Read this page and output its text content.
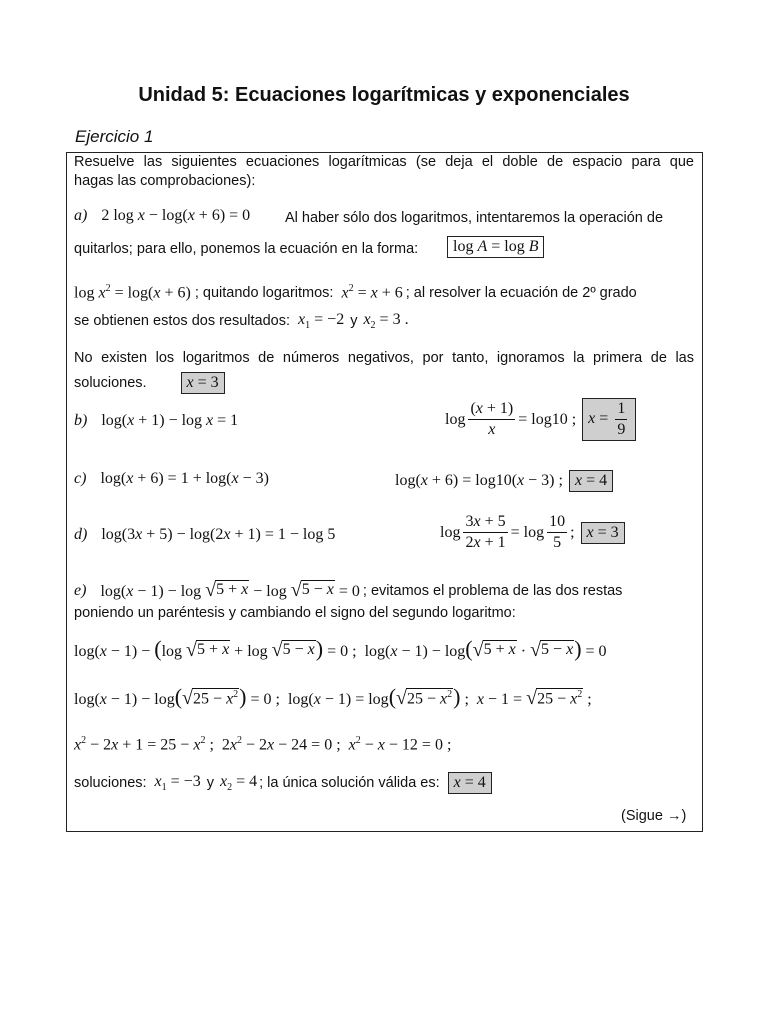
Unidad 5: Ecuaciones logarítmicas y exponenciales
Ejercicio 1
Resuelve las siguientes ecuaciones logarítmicas (se deja el doble de espacio para que
hagas las comprobaciones):
a) 2 log x − log(x + 6) = 0 Al haber sólo dos logaritmos, intentaremos la operación de
quitarlos; para ello, ponemos la ecuación en la forma:	log A = log B
$\log x^2 = \log(x + 6)$ ; quitando logaritmos: $x^2 = x + 6$ ; al resolver la ecuación de 2º grado
se obtienen estos dos resultados: $x_1 = -2$ y $x_2 = 3$ .
No existen los logaritmos de números negativos, por tanto, ignoramos la primera de las
soluciones.	x = 3
b) log(x + 1) − log x = 1	$\log \frac{(x + 1)}{x} = \log 10$ ; $x = \frac{1}{9}$
c) log(x + 6) = 1 + log(x − 3)	log(x + 6) = log10(x − 3) ; x = 4
d) log(3x + 5) − log(2x + 1) = 1 − log 5	$\log \frac{3x + 5}{2x + 1} = \log \frac{10}{5}$ ; x = 3
e) log(x − 1) − log √ 5 + x − log √ 5 − x = 0 ; evitamos el problema de las dos restas
poniendo un paréntesis y cambiando el signo del segundo logaritmo:
log(x − 1) − (log √ 5 + x + log √ 5 − x ) = 0 ;  log(x − 1) − log( √ 5 + x · √ 5 − x ) = 0
log(x − 1) − log( √ $25 - x^2$ ) = 0 ;  log(x − 1) = log( √ $25 - x^2$ ) ;  x − 1 = √ $25 - x^2$ ;
$x^2 - 2x + 1 = 25 - x^2$ ;  $2x^2 - 2x - 24 = 0$ ;  $x^2 - x - 12 = 0$ ;
soluciones: $x_1 = -3$ y $x_2 = 4$ ; la única solución válida es: x = 4
(Sigue →)
